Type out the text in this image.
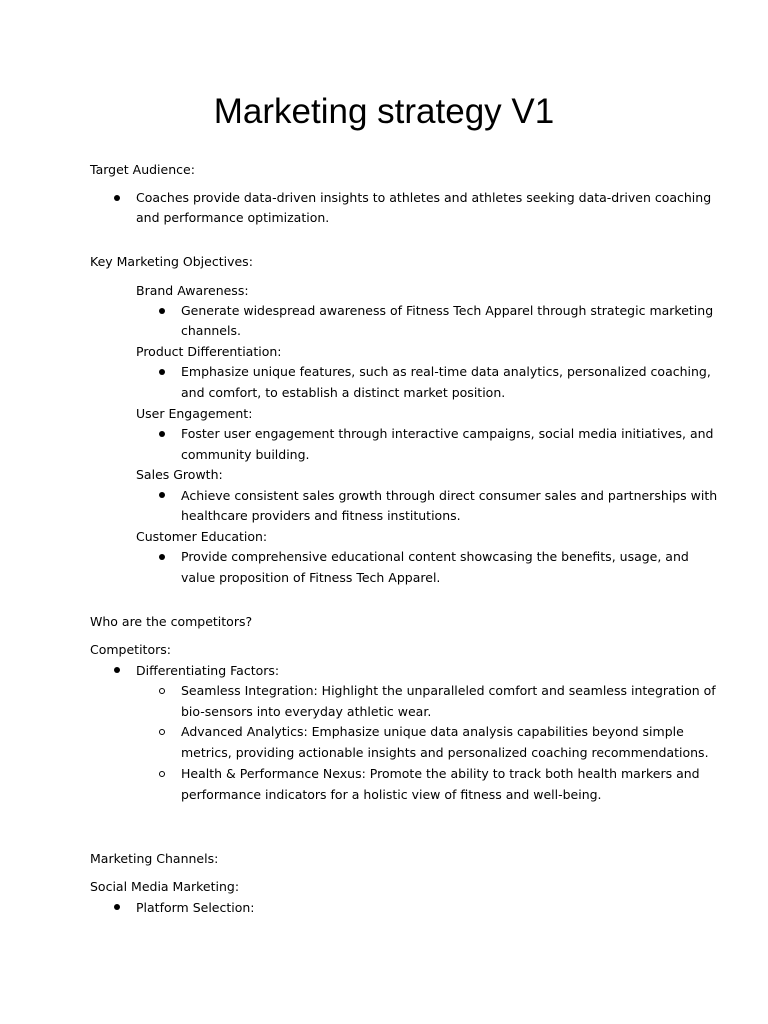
Marketing strategy V1

Target Audience:

Coaches provide data-driven insights to athletes and athletes seeking data-driven coaching

and performance optimization.

Key Marketing Objectives:

Brand Awareness:

Generate widespread awareness of Fitness Tech Apparel through strategic marketing

channels.

Product Differentiation:

Emphasize unique features, such as real-time data analytics, personalized coaching,

and comfort, to establish a distinct market position.

User Engagement:

Foster user engagement through interactive campaigns, social media initiatives, and

community building.

Sales Growth:

Achieve consistent sales growth through direct consumer sales and partnerships with

healthcare providers and fitness institutions.

Customer Education:

Provide comprehensive educational content showcasing the benefits, usage, and

value proposition of Fitness Tech Apparel.

Who are the competitors?

Competitors:

Differentiating Factors:

Seamless Integration: Highlight the unparalleled comfort and seamless integration of

bio-sensors into everyday athletic wear.

Advanced Analytics: Emphasize unique data analysis capabilities beyond simple

metrics, providing actionable insights and personalized coaching recommendations.

Health & Performance Nexus: Promote the ability to track both health markers and

performance indicators for a holistic view of fitness and well-being.

Marketing Channels:

Social Media Marketing:

Platform Selection:
